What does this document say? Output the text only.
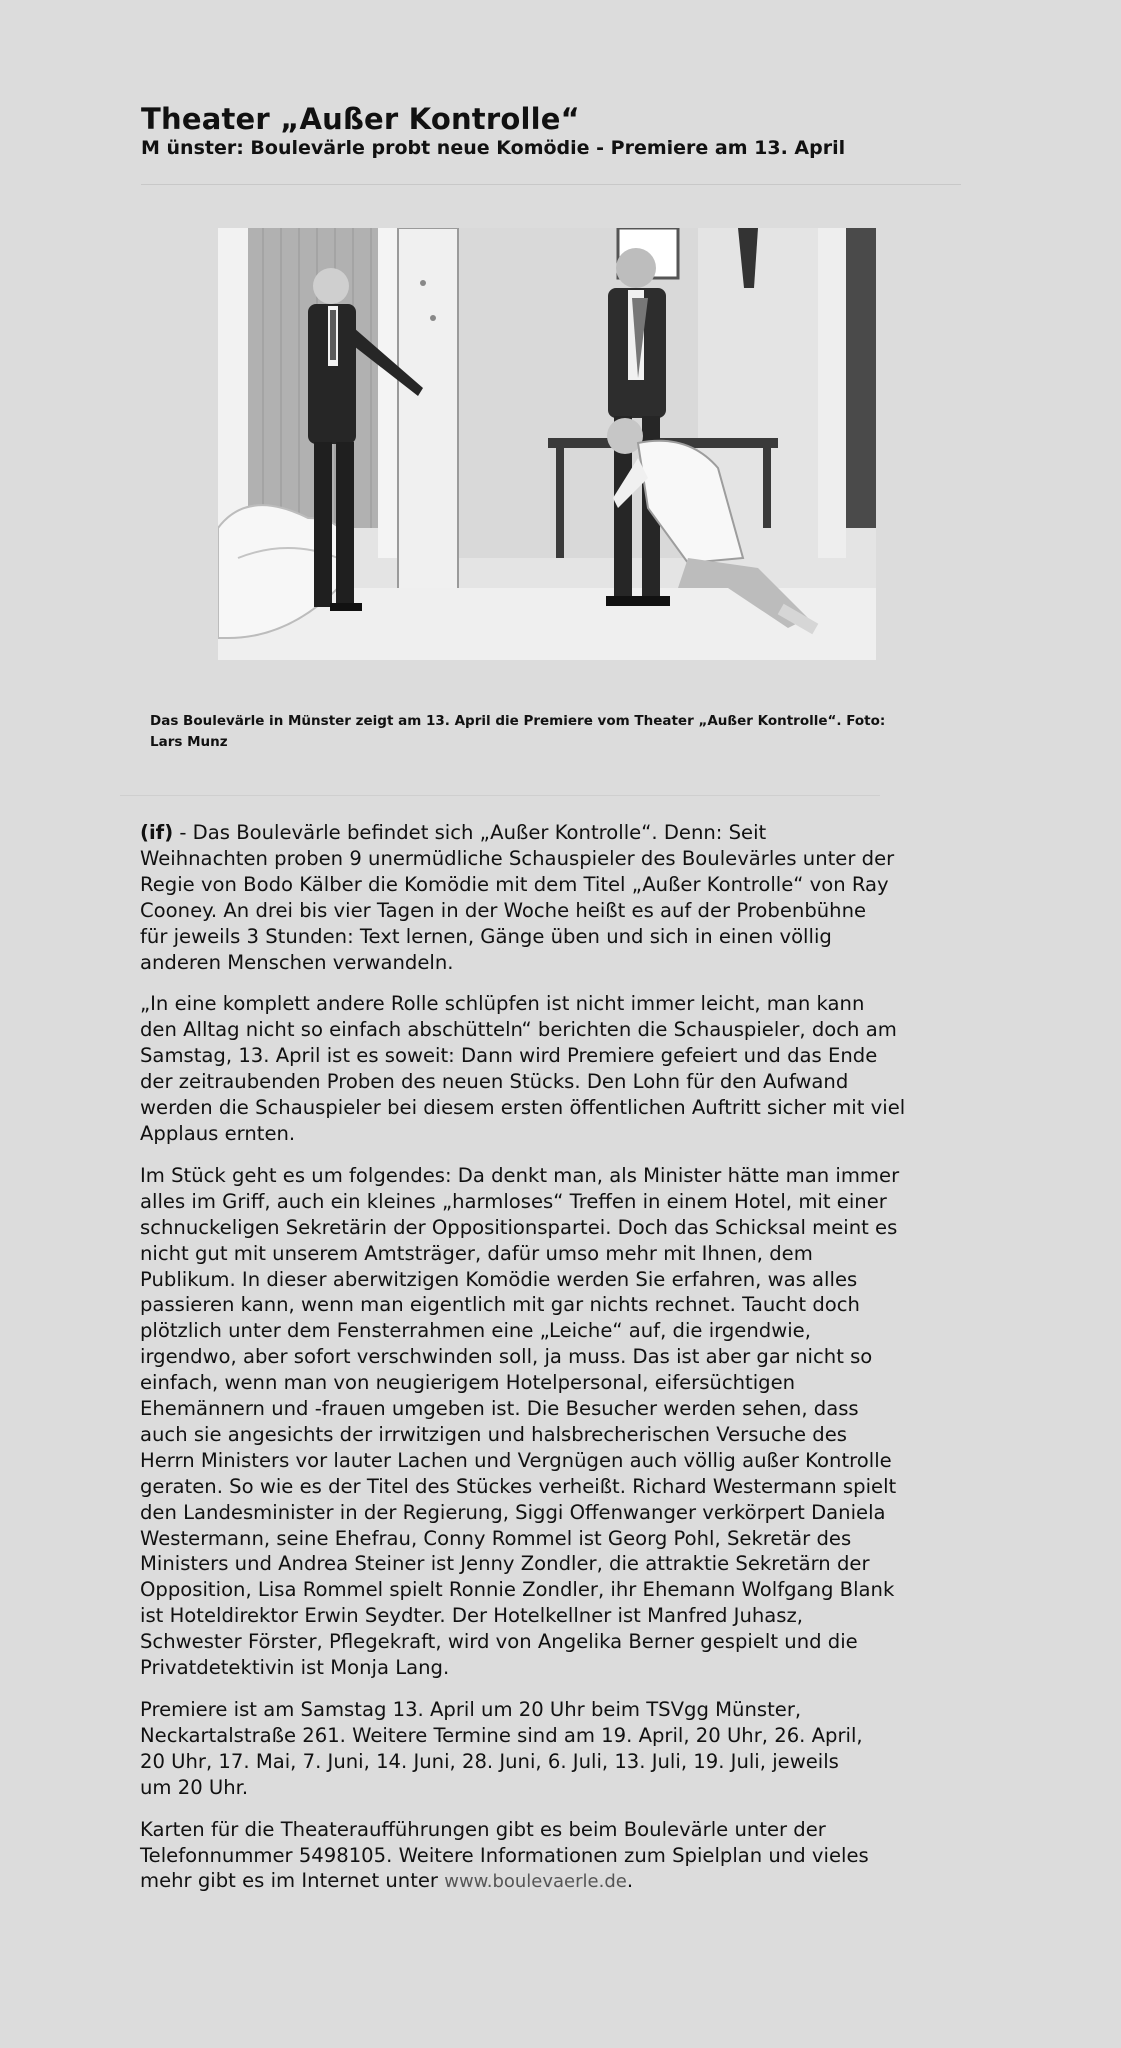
Theater „Außer Kontrolle“
M ünster: Boulevärle probt neue Komödie - Premiere am 13. April
Das Boulevärle in Münster zeigt am 13. April die Premiere vom Theater „Außer Kontrolle“. Foto:
Lars Munz

(if) - Das Boulevärle befindet sich „Außer Kontrolle“. Denn: Seit
Weihnachten proben 9 unermüdliche Schauspieler des Boulevärles unter der
Regie von Bodo Kälber die Komödie mit dem Titel „Außer Kontrolle“ von Ray
Cooney. An drei bis vier Tagen in der Woche heißt es auf der Probenbühne
für jeweils 3 Stunden: Text lernen, Gänge üben und sich in einen völlig
anderen Menschen verwandeln.

„In eine komplett andere Rolle schlüpfen ist nicht immer leicht, man kann
den Alltag nicht so einfach abschütteln“ berichten die Schauspieler, doch am
Samstag, 13. April ist es soweit: Dann wird Premiere gefeiert und das Ende
der zeitraubenden Proben des neuen Stücks. Den Lohn für den Aufwand
werden die Schauspieler bei diesem ersten öffentlichen Auftritt sicher mit viel
Applaus ernten.

Im Stück geht es um folgendes: Da denkt man, als Minister hätte man immer
alles im Griff, auch ein kleines „harmloses“ Treffen in einem Hotel, mit einer
schnuckeligen Sekretärin der Oppositionspartei. Doch das Schicksal meint es
nicht gut mit unserem Amtsträger, dafür umso mehr mit Ihnen, dem
Publikum. In dieser aberwitzigen Komödie werden Sie erfahren, was alles
passieren kann, wenn man eigentlich mit gar nichts rechnet. Taucht doch
plötzlich unter dem Fensterrahmen eine „Leiche“ auf, die irgendwie,
irgendwo, aber sofort verschwinden soll, ja muss. Das ist aber gar nicht so
einfach, wenn man von neugierigem Hotelpersonal, eifersüchtigen
Ehemännern und -frauen umgeben ist. Die Besucher werden sehen, dass
auch sie angesichts der irrwitzigen und halsbrecherischen Versuche des
Herrn Ministers vor lauter Lachen und Vergnügen auch völlig außer Kontrolle
geraten. So wie es der Titel des Stückes verheißt. Richard Westermann spielt
den Landesminister in der Regierung, Siggi Offenwanger verkörpert Daniela
Westermann, seine Ehefrau, Conny Rommel ist Georg Pohl, Sekretär des
Ministers und Andrea Steiner ist Jenny Zondler, die attraktie Sekretärn der
Opposition, Lisa Rommel spielt Ronnie Zondler, ihr Ehemann Wolfgang Blank
ist Hoteldirektor Erwin Seydter. Der Hotelkellner ist Manfred Juhasz,
Schwester Förster, Pflegekraft, wird von Angelika Berner gespielt und die
Privatdetektivin ist Monja Lang.

Premiere ist am Samstag 13. April um 20 Uhr beim TSVgg Münster,
Neckartalstraße 261. Weitere Termine sind am 19. April, 20 Uhr, 26. April,
20 Uhr, 17. Mai, 7. Juni, 14. Juni, 28. Juni, 6. Juli, 13. Juli, 19. Juli, jeweils
um 20 Uhr.

Karten für die Theateraufführungen gibt es beim Boulevärle unter der
Telefonnummer 5498105. Weitere Informationen zum Spielplan und vieles
mehr gibt es im Internet unter www.boulevaerle.de.
